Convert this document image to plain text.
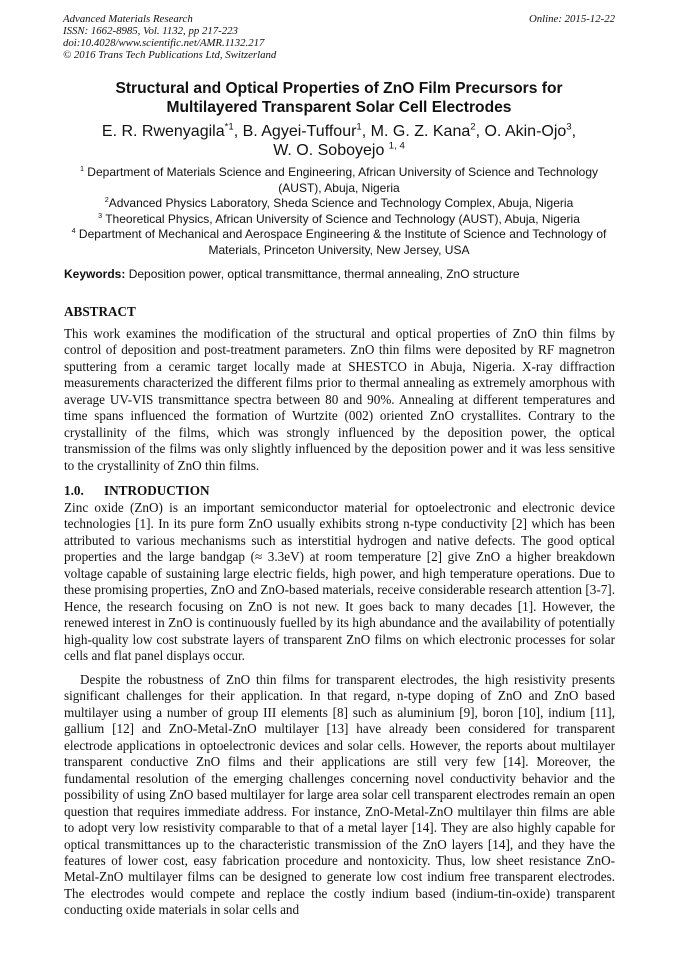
Advanced Materials Research
ISSN: 1662-8985, Vol. 1132, pp 217-223
doi:10.4028/www.scientific.net/AMR.1132.217
© 2016 Trans Tech Publications Ltd, Switzerland
Online: 2015-12-22
Structural and Optical Properties of ZnO Film Precursors for
Multilayered Transparent Solar Cell Electrodes
E. R. Rwenyagila$^{*1}$, B. Agyei-Tuffour$^1$, M. G. Z. Kana$^2$, O. Akin-Ojo$^3$,
W. O. Soboyejo $^{1, 4}$
$^1$ Department of Materials Science and Engineering, African University of Science and Technology (AUST), Abuja, Nigeria
$^2$Advanced Physics Laboratory, Sheda Science and Technology Complex, Abuja, Nigeria
$^3$ Theoretical Physics, African University of Science and Technology (AUST), Abuja, Nigeria
$^4$ Department of Mechanical and Aerospace Engineering & the Institute of Science and Technology of Materials, Princeton University, New Jersey, USA
Keywords: Deposition power, optical transmittance, thermal annealing, ZnO structure
ABSTRACT
This work examines the modification of the structural and optical properties of ZnO thin films by control of deposition and post-treatment parameters. ZnO thin films were deposited by RF magnetron sputtering from a ceramic target locally made at SHESTCO in Abuja, Nigeria. X-ray diffraction measurements characterized the different films prior to thermal annealing as extremely amorphous with average UV-VIS transmittance spectra between 80 and 90%. Annealing at different temperatures and time spans influenced the formation of Wurtzite (002) oriented ZnO crystallites. Contrary to the crystallinity of the films, which was strongly influenced by the deposition power, the optical transmission of the films was only slightly influenced by the deposition power and it was less sensitive to the crystallinity of ZnO thin films.
1.0. INTRODUCTION
Zinc oxide (ZnO) is an important semiconductor material for optoelectronic and electronic device technologies [1]. In its pure form ZnO usually exhibits strong n-type conductivity [2] which has been attributed to various mechanisms such as interstitial hydrogen and native defects. The good optical properties and the large bandgap (≈ 3.3eV) at room temperature [2] give ZnO a higher breakdown voltage capable of sustaining large electric fields, high power, and high temperature operations. Due to these promising properties, ZnO and ZnO-based materials, receive considerable research attention [3-7]. Hence, the research focusing on ZnO is not new. It goes back to many decades [1]. However, the renewed interest in ZnO is continuously fuelled by its high abundance and the availability of potentially high-quality low cost substrate layers of transparent ZnO films on which electronic processes for solar cells and flat panel displays occur.
Despite the robustness of ZnO thin films for transparent electrodes, the high resistivity presents significant challenges for their application. In that regard, n-type doping of ZnO and ZnO based multilayer using a number of group III elements [8] such as aluminium [9], boron [10], indium [11], gallium [12] and ZnO-Metal-ZnO multilayer [13] have already been considered for transparent electrode applications in optoelectronic devices and solar cells. However, the reports about multilayer transparent conductive ZnO films and their applications are still very few [14]. Moreover, the fundamental resolution of the emerging challenges concerning novel conductivity behavior and the possibility of using ZnO based multilayer for large area solar cell transparent electrodes remain an open question that requires immediate address. For instance, ZnO-Metal-ZnO multilayer thin films are able to adopt very low resistivity comparable to that of a metal layer [14]. They are also highly capable for optical transmittances up to the characteristic transmission of the ZnO layers [14], and they have the features of lower cost, easy fabrication procedure and nontoxicity. Thus, low sheet resistance ZnO-Metal-ZnO multilayer films can be designed to generate low cost indium free transparent electrodes. The electrodes would compete and replace the costly indium based (indium-tin-oxide) transparent conducting oxide materials in solar cells and
